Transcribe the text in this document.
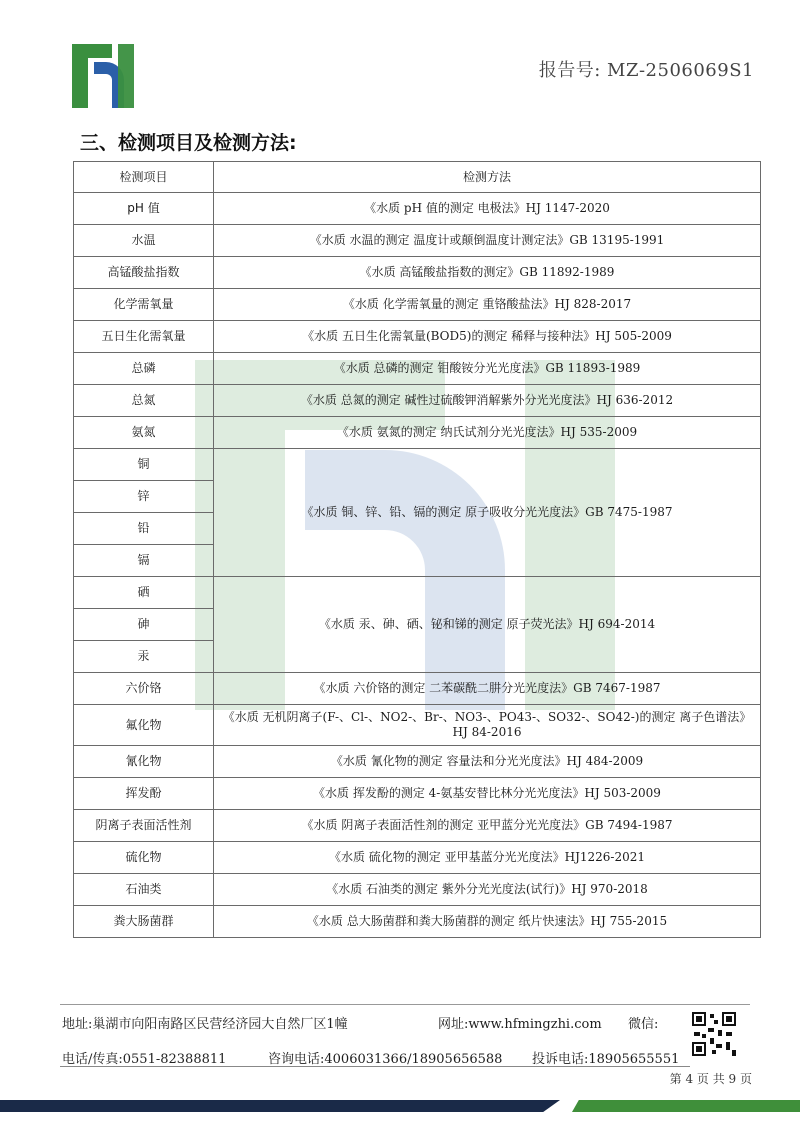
报告号: MZ-2506069S1
三、检测项目及检测方法:
检测项目	检测方法
pH 值	《水质 pH 值的测定 电极法》HJ 1147-2020
水温	《水质 水温的测定 温度计或颠倒温度计测定法》GB 13195-1991
高锰酸盐指数	《水质 高锰酸盐指数的测定》GB 11892-1989
化学需氧量	《水质 化学需氧量的测定 重铬酸盐法》HJ 828-2017
五日生化需氧量	《水质 五日生化需氧量(BOD5)的测定 稀释与接种法》HJ 505-2009
总磷	《水质 总磷的测定 钼酸铵分光光度法》GB 11893-1989
总氮	《水质 总氮的测定 碱性过硫酸钾消解紫外分光光度法》HJ 636-2012
氨氮	《水质 氨氮的测定 纳氏试剂分光光度法》HJ 535-2009
铜	《水质 铜、锌、铅、镉的测定 原子吸收分光光度法》GB 7475-1987
锌	
铅	
镉	
硒	《水质 汞、砷、硒、铋和锑的测定 原子荧光法》HJ 694-2014
砷	
汞	
六价铬	《水质 六价铬的测定 二苯碳酰二肼分光光度法》GB 7467-1987
氟化物	《水质 无机阴离子(F-、Cl-、NO2-、Br-、NO3-、PO43-、SO32-、SO42-)的测定 离子色谱法》HJ 84-2016
氰化物	《水质 氰化物的测定 容量法和分光光度法》HJ 484-2009
挥发酚	《水质 挥发酚的测定 4-氨基安替比林分光光度法》HJ 503-2009
阴离子表面活性剂	《水质 阴离子表面活性剂的测定 亚甲蓝分光光度法》GB 7494-1987
硫化物	《水质 硫化物的测定 亚甲基蓝分光光度法》HJ1226-2021
石油类	《水质 石油类的测定 紫外分光光度法(试行)》HJ 970-2018
粪大肠菌群	《水质 总大肠菌群和粪大肠菌群的测定 纸片快速法》HJ 755-2015
地址:巢湖市向阳南路区民营经济园大自然厂区1幢	网址:www.hfmingzhi.com 微信:
电话/传真:0551-82388811	咨询电话:4006031366/18905656588 投诉电话:18905655551
第 4 页 共 9 页
